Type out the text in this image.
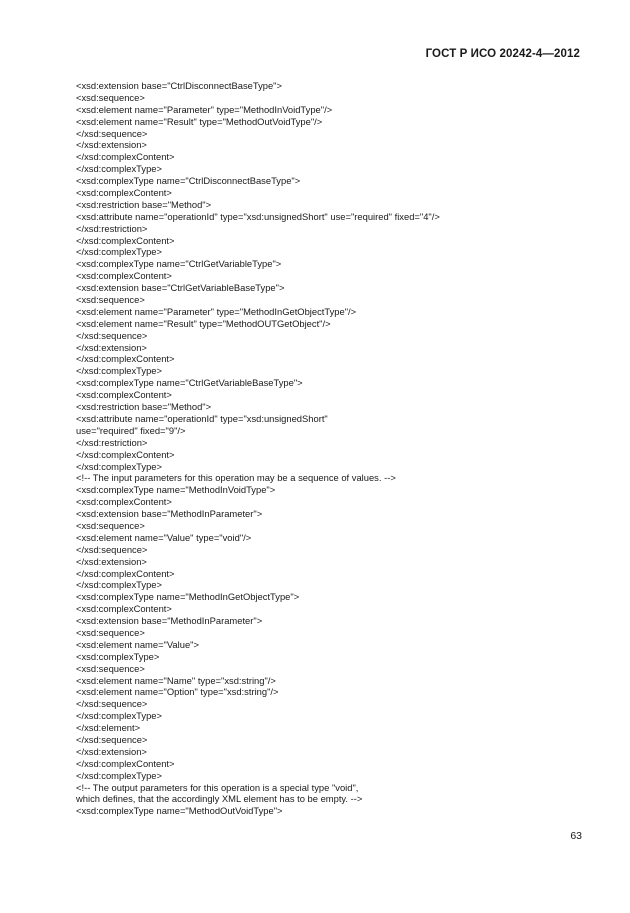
ГОСТ Р ИСО 20242-4—2012
<xsd:extension base="CtrlDisconnectBaseType">
<xsd:sequence>
<xsd:element name="Parameter" type="MethodInVoidType"/>
<xsd:element name="Result" type="MethodOutVoidType"/>
</xsd:sequence>
</xsd:extension>
</xsd:complexContent>
</xsd:complexType>
<xsd:complexType name="CtrlDisconnectBaseType">
<xsd:complexContent>
<xsd:restriction base="Method">
<xsd:attribute name="operationId" type="xsd:unsignedShort" use="required" fixed="4"/>
</xsd:restriction>
</xsd:complexContent>
</xsd:complexType>
<xsd:complexType name="CtrlGetVariableType">
<xsd:complexContent>
<xsd:extension base="CtrlGetVariableBaseType">
<xsd:sequence>
<xsd:element name="Parameter" type="MethodInGetObjectType"/>
<xsd:element name="Result" type="MethodOUTGetObject"/>
</xsd:sequence>
</xsd:extension>
</xsd:complexContent>
</xsd:complexType>
<xsd:complexType name="CtrlGetVariableBaseType">
<xsd:complexContent>
<xsd:restriction base="Method">
<xsd:attribute name="operationId" type="xsd:unsignedShort"
use="required" fixed="9"/>
</xsd:restriction>
</xsd:complexContent>
</xsd:complexType>
<!-- The input parameters for this operation may be a sequence of values. -->
<xsd:complexType name="MethodInVoidType">
<xsd:complexContent>
<xsd:extension base="MethodInParameter">
<xsd:sequence>
<xsd:element name="Value" type="void"/>
</xsd:sequence>
</xsd:extension>
</xsd:complexContent>
</xsd:complexType>
<xsd:complexType name="MethodInGetObjectType">
<xsd:complexContent>
<xsd:extension base="MethodInParameter">
<xsd:sequence>
<xsd:element name="Value">
<xsd:complexType>
<xsd:sequence>
<xsd:element name="Name" type="xsd:string"/>
<xsd:element name="Option" type="xsd:string"/>
</xsd:sequence>
</xsd:complexType>
</xsd:element>
</xsd:sequence>
</xsd:extension>
</xsd:complexContent>
</xsd:complexType>
<!-- The output parameters for this operation is a special type "void",
which defines, that the accordingly XML element has to be empty. -->
<xsd:complexType name="MethodOutVoidType">
63
